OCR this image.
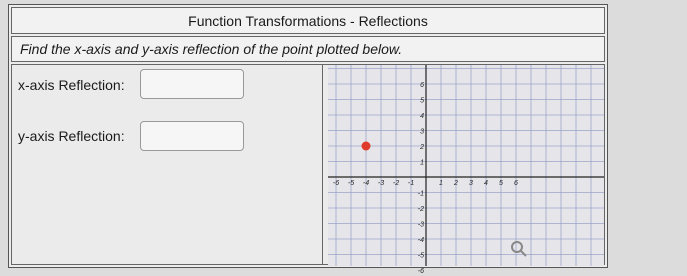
Function Transformations - Reflections
Find the x-axis and y-axis reflection of the point plotted below.
x-axis Reflection:
y-axis Reflection:
-6 -5 -4 -3 -2 -1	1 2 3 4 5 6
6
5
4
3
2
1
-1
-2
-3
-4
-5
-6
